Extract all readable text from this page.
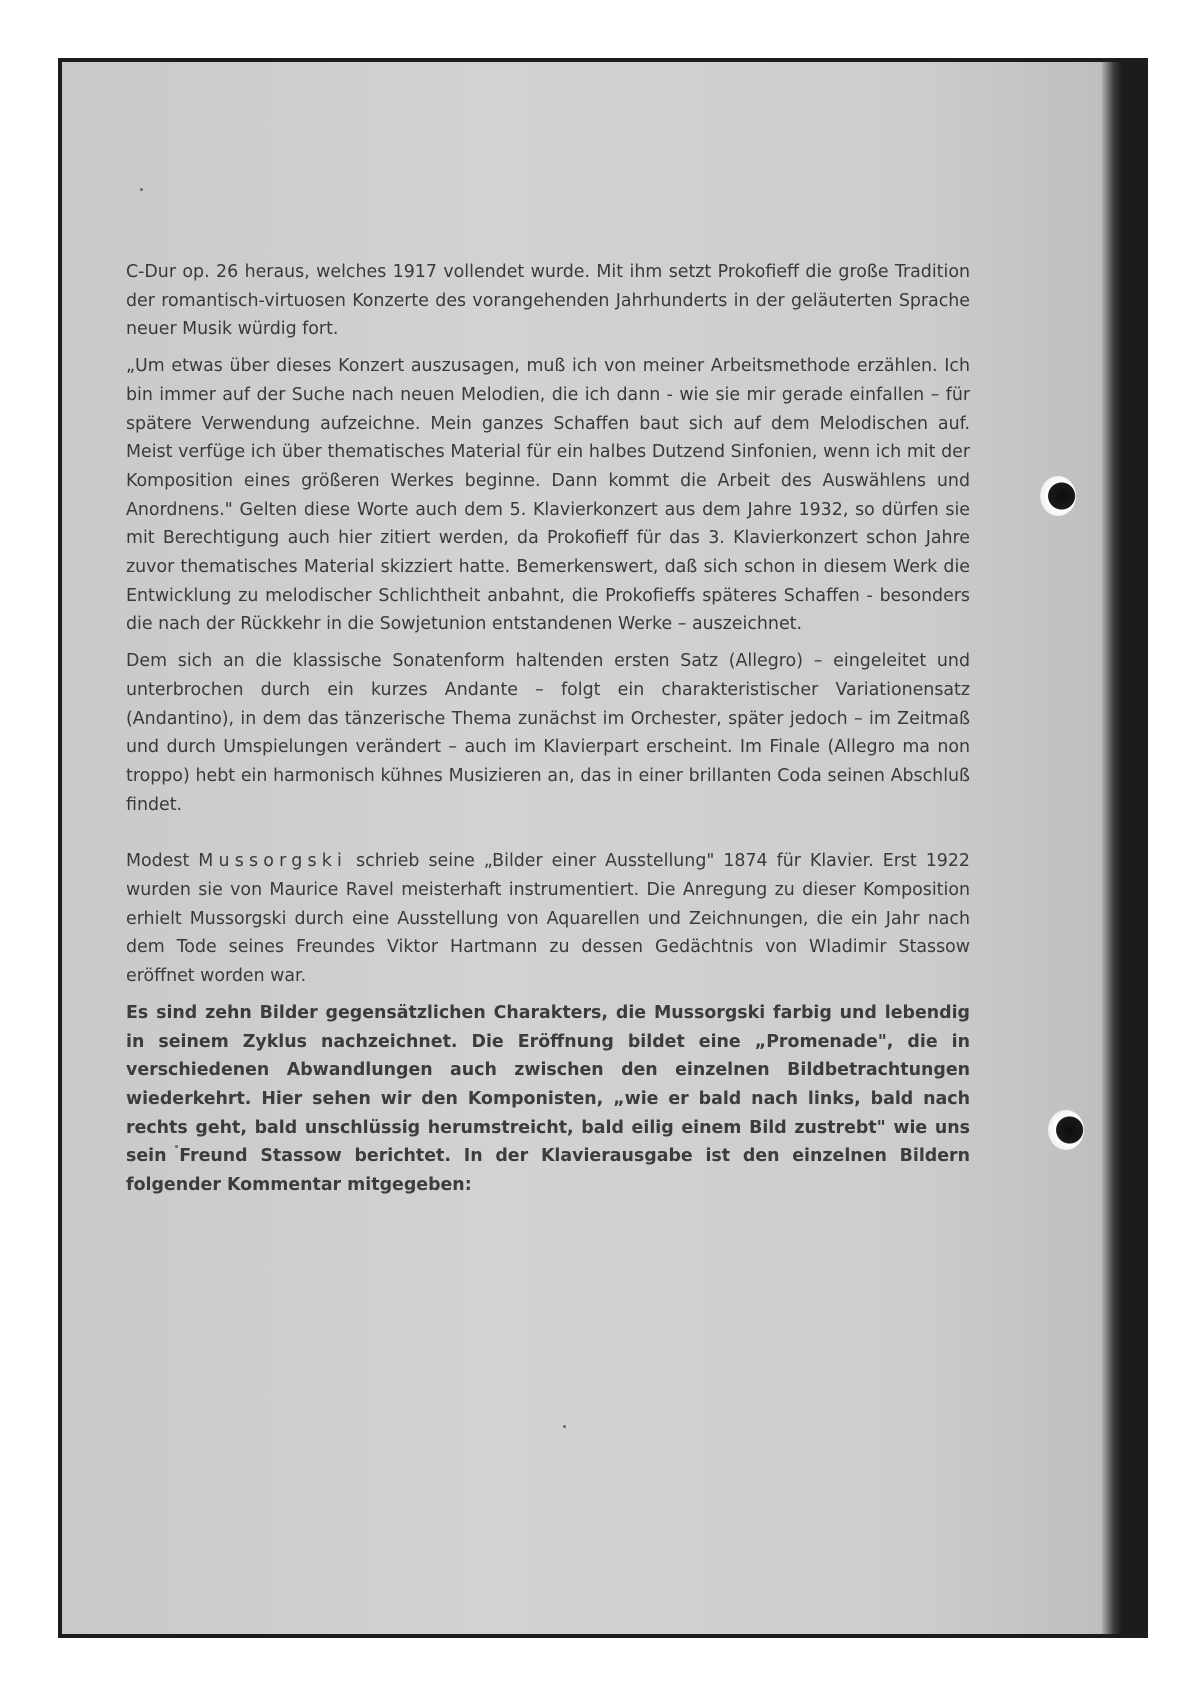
C-Dur op. 26 heraus, welches 1917 vollendet wurde. Mit ihm setzt Prokofieff die große Tradition der romantisch-virtuosen Konzerte des vorangehenden Jahrhunderts in der geläuterten Sprache neuer Musik würdig fort.

„Um etwas über dieses Konzert auszusagen, muß ich von meiner Arbeitsmethode erzählen. Ich bin immer auf der Suche nach neuen Melodien, die ich dann - wie sie mir gerade einfallen – für spätere Verwendung aufzeichne. Mein ganzes Schaffen baut sich auf dem Melodischen auf. Meist verfüge ich über thematisches Material für ein halbes Dutzend Sinfonien, wenn ich mit der Komposition eines größeren Werkes beginne. Dann kommt die Arbeit des Auswählens und Anordnens." Gelten diese Worte auch dem 5. Klavierkonzert aus dem Jahre 1932, so dürfen sie mit Berechtigung auch hier zitiert werden, da Prokofieff für das 3. Klavierkonzert schon Jahre zuvor thematisches Material skizziert hatte. Bemerkenswert, daß sich schon in diesem Werk die Entwicklung zu melodischer Schlichtheit anbahnt, die Prokofieffs späteres Schaffen - besonders die nach der Rückkehr in die Sowjetunion entstandenen Werke – auszeichnet.

Dem sich an die klassische Sonatenform haltenden ersten Satz (Allegro) – eingeleitet und unterbrochen durch ein kurzes Andante – folgt ein charakteristischer Variationensatz (Andantino), in dem das tänzerische Thema zunächst im Orchester, später jedoch – im Zeitmaß und durch Umspielungen verändert – auch im Klavierpart erscheint. Im Finale (Allegro ma non troppo) hebt ein harmonisch kühnes Musizieren an, das in einer brillanten Coda seinen Abschluß findet.

Modest Mussorgski schrieb seine „Bilder einer Ausstellung" 1874 für Klavier. Erst 1922 wurden sie von Maurice Ravel meisterhaft instrumentiert. Die Anregung zu dieser Komposition erhielt Mussorgski durch eine Ausstellung von Aquarellen und Zeichnungen, die ein Jahr nach dem Tode seines Freundes Viktor Hartmann zu dessen Gedächtnis von Wladimir Stassow eröffnet worden war.

Es sind zehn Bilder gegensätzlichen Charakters, die Mussorgski farbig und lebendig in seinem Zyklus nachzeichnet. Die Eröffnung bildet eine „Promenade", die in verschiedenen Abwandlungen auch zwischen den einzelnen Bildbetrachtungen wiederkehrt. Hier sehen wir den Komponisten, „wie er bald nach links, bald nach rechts geht, bald unschlüssig herumstreicht, bald eilig einem Bild zustrebt" wie uns sein Freund Stassow berichtet. In der Klavierausgabe ist den einzelnen Bildern folgender Kommentar mitgegeben:
